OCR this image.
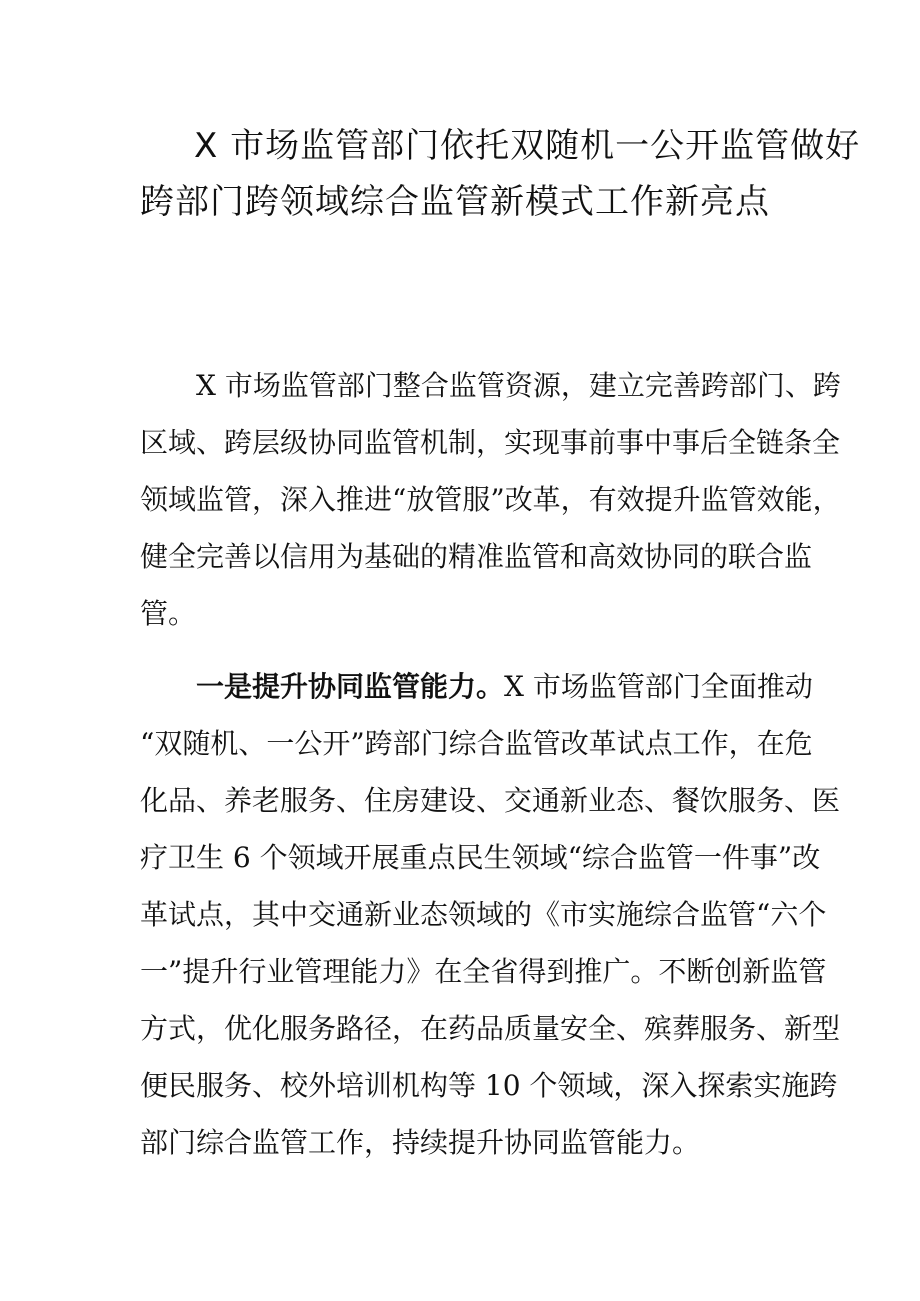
X 市场监管部门依托双随机一公开监管做好
跨部门跨领域综合监管新模式工作新亮点

X 市场监管部门整合监管资源，建立完善跨部门、跨
区域、跨层级协同监管机制，实现事前事中事后全链条全
领域监管，深入推进“放管服”改革，有效提升监管效能，
健全完善以信用为基础的精准监管和高效协同的联合监
管。

一是提升协同监管能力。X 市场监管部门全面推动
“双随机、一公开”跨部门综合监管改革试点工作，在危
化品、养老服务、住房建设、交通新业态、餐饮服务、医
疗卫生 6 个领域开展重点民生领域“综合监管一件事”改
革试点，其中交通新业态领域的《市实施综合监管“六个
一”提升行业管理能力》在全省得到推广。不断创新监管
方式，优化服务路径，在药品质量安全、殡葬服务、新型
便民服务、校外培训机构等 10 个领域，深入探索实施跨
部门综合监管工作，持续提升协同监管能力。
